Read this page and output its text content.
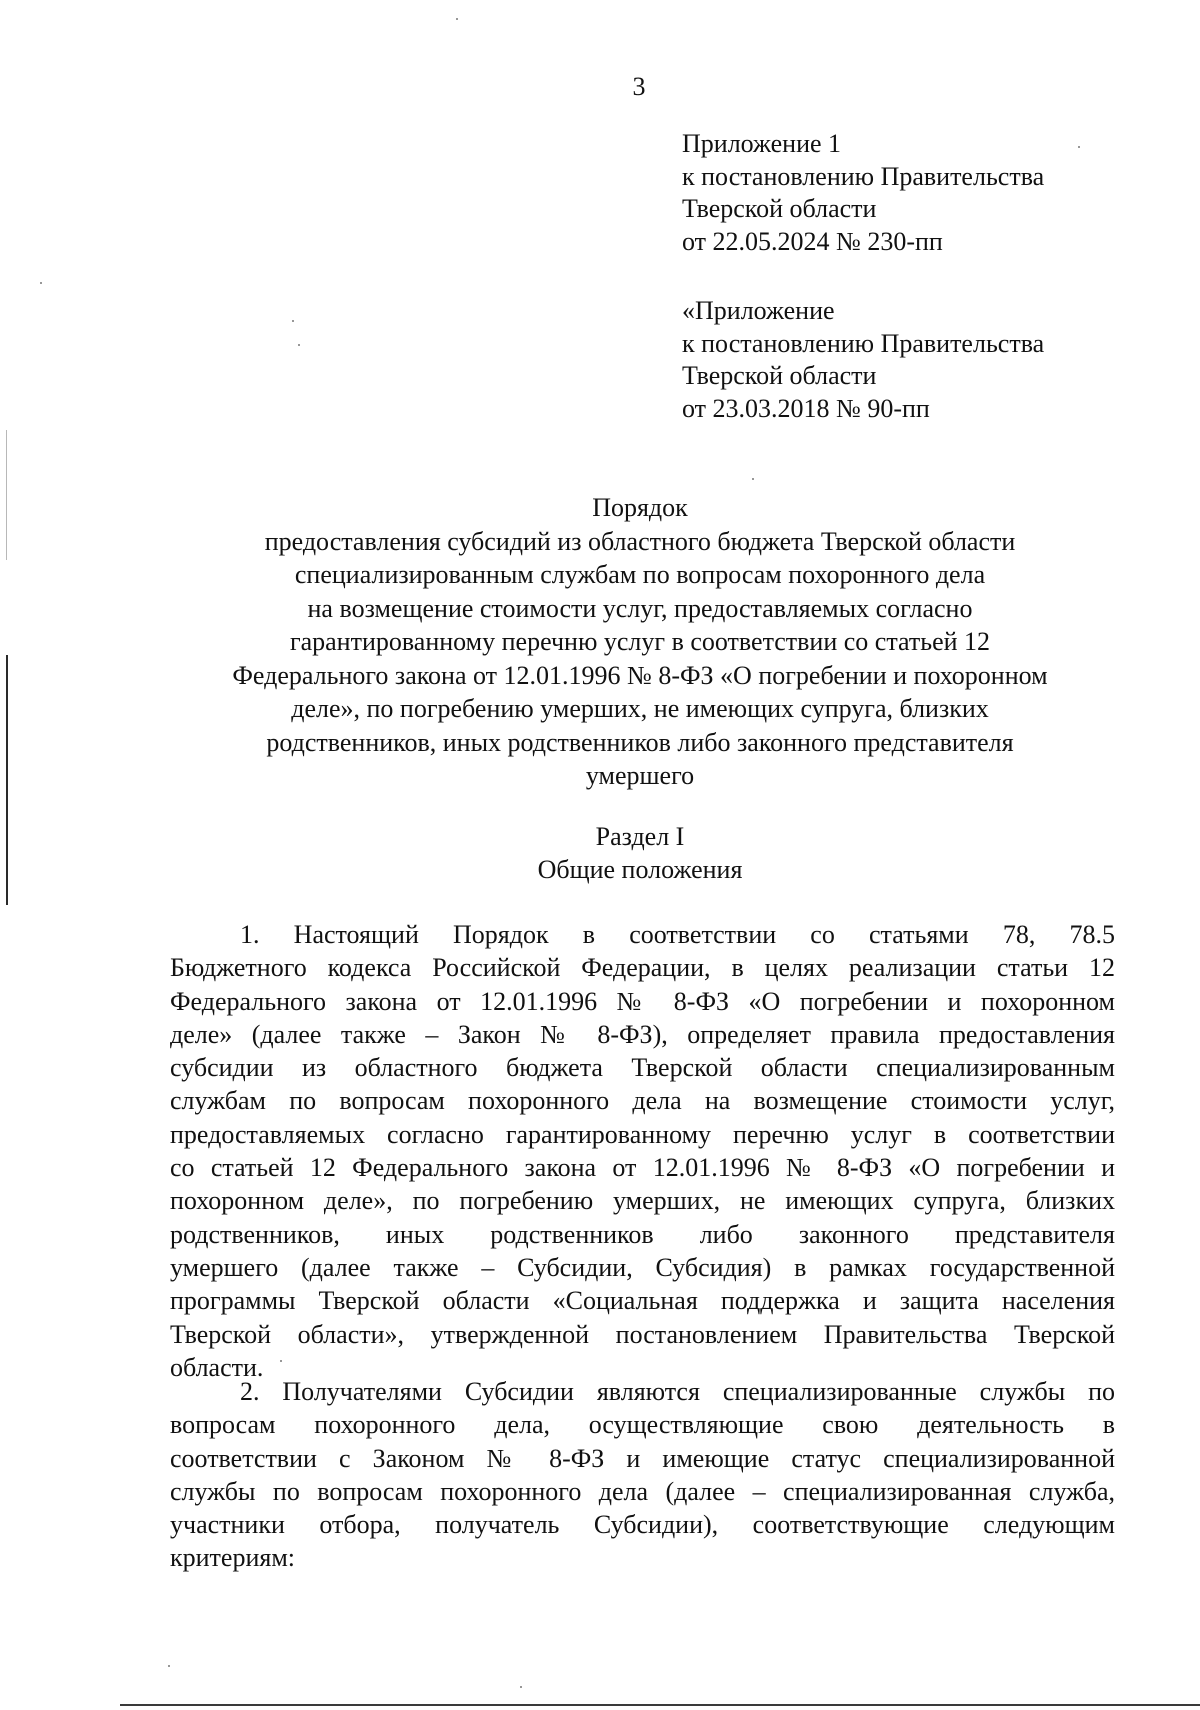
3
Приложение 1
к постановлению Правительства
Тверской области
от 22.05.2024 № 230-пп
«Приложение
к постановлению Правительства
Тверской области
от 23.03.2018 № 90-пп
Порядок
предоставления субсидий из областного бюджета Тверской области
специализированным службам по вопросам похоронного дела
на возмещение стоимости услуг, предоставляемых согласно
гарантированному перечню услуг в соответствии со статьей 12
Федерального закона от 12.01.1996 № 8-ФЗ «О погребении и похоронном
деле», по погребению умерших, не имеющих супруга, близких
родственников, иных родственников либо законного представителя
умершего
Раздел I
Общие положения
1. Настоящий Порядок в соответствии со статьями 78, 78.5
Бюджетного кодекса Российской Федерации, в целях реализации статьи 12
Федерального закона от 12.01.1996 № 8-ФЗ «О погребении и похоронном
деле» (далее также – Закон № 8-ФЗ), определяет правила предоставления
субсидии из областного бюджета Тверской области специализированным
службам по вопросам похоронного дела на возмещение стоимости услуг,
предоставляемых согласно гарантированному перечню услуг в соответствии
со статьей 12 Федерального закона от 12.01.1996 № 8-ФЗ «О погребении и
похоронном деле», по погребению умерших, не имеющих супруга, близких
родственников, иных родственников либо законного представителя
умершего (далее также – Субсидии, Субсидия) в рамках государственной
программы Тверской области «Социальная поддержка и защита населения
Тверской области», утвержденной постановлением Правительства Тверской
области.
2. Получателями Субсидии являются специализированные службы по
вопросам похоронного дела, осуществляющие свою деятельность в
соответствии с Законом № 8-ФЗ и имеющие статус специализированной
службы по вопросам похоронного дела (далее – специализированная служба,
участники отбора, получатель Субсидии), соответствующие следующим
критериям:
